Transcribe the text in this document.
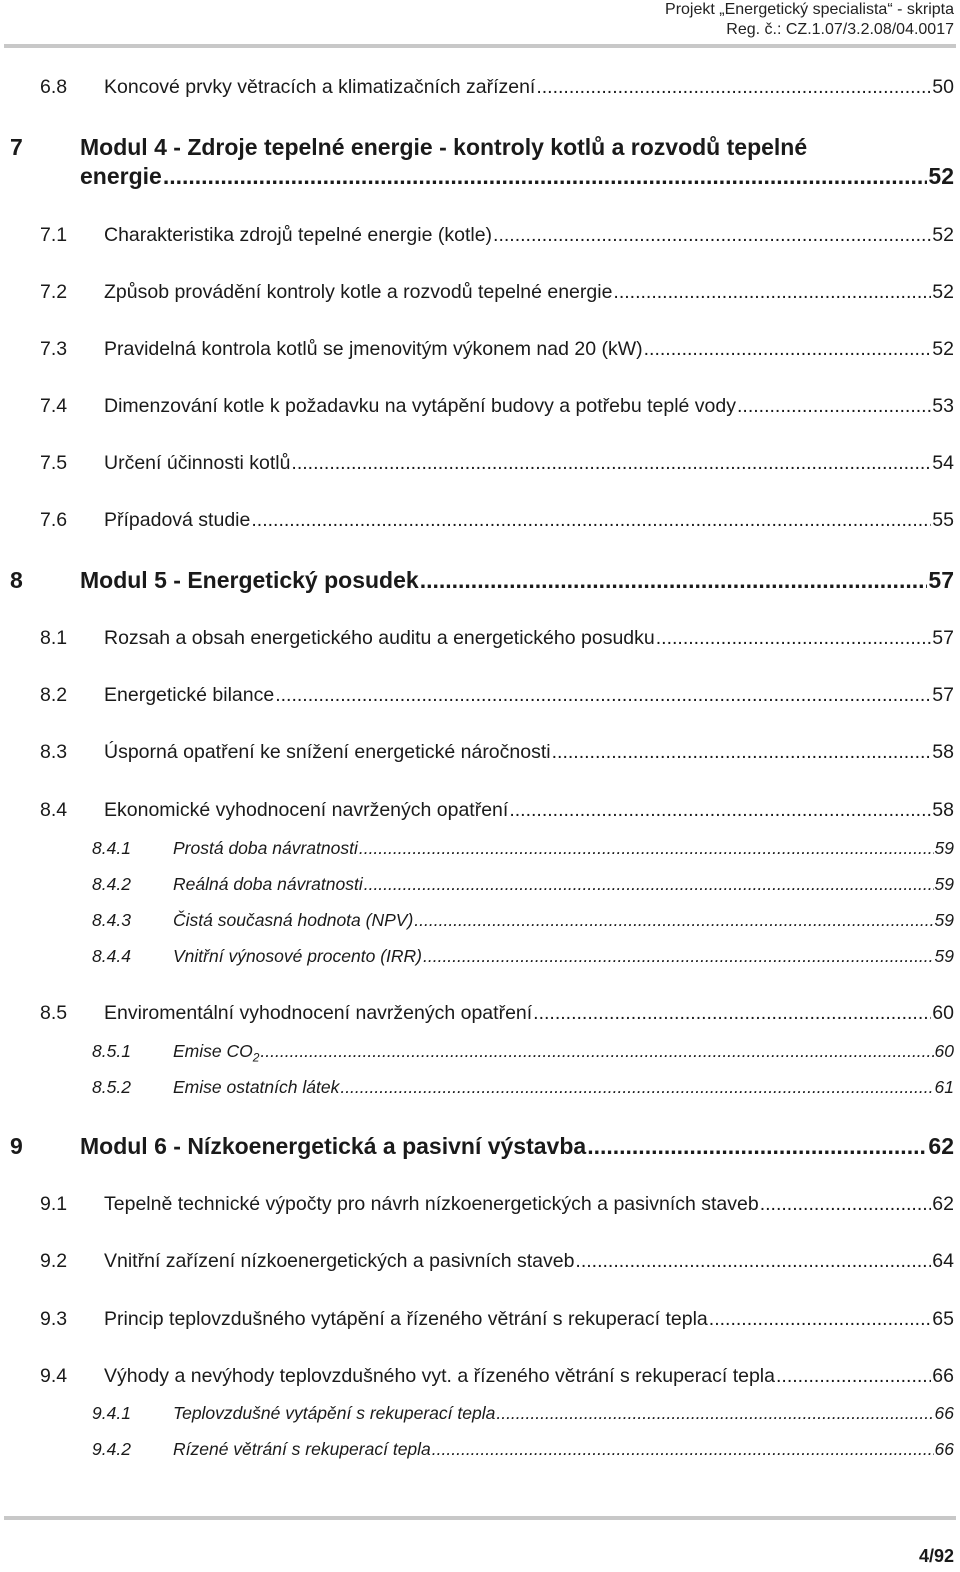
Projekt „Energetický specialista“ - skripta
Reg. č.: CZ.1.07/3.2.08/04.0017
6.8	Koncové prvky větracích a klimatizačních zařízení .....	50
7	Modul 4 - Zdroje tepelné energie - kontroly kotlů a rozvodů tepelné
energie .....	52
7.1	Charakteristika zdrojů tepelné energie (kotle) .....	52
7.2	Způsob provádění kontroly kotle a rozvodů tepelné energie .....	52
7.3	Pravidelná kontrola kotlů se jmenovitým výkonem nad 20 (kW) .....	52
7.4	Dimenzování kotle k požadavku na vytápění budovy a potřebu teplé vody .....	53
7.5	Určení účinnosti kotlů .....	54
7.6	Případová studie .....	55
8	Modul 5 - Energetický posudek .....	57
8.1	Rozsah a obsah energetického auditu a energetického posudku .....	57
8.2	Energetické bilance .....	57
8.3	Úsporná opatření ke snížení energetické náročnosti .....	58
8.4	Ekonomické vyhodnocení navržených opatření .....	58
8.4.1	Prostá doba návratnosti .....	59
8.4.2	Reálná doba návratnosti .....	59
8.4.3	Čistá současná hodnota (NPV) .....	59
8.4.4	Vnitřní výnosové procento (IRR) .....	59
8.5	Enviromentální vyhodnocení navržených opatření .....	60
8.5.1	Emise $CO_2$ .....	60
8.5.2	Emise ostatních látek .....	61
9	Modul 6 - Nízkoenergetická a pasivní výstavba .....	62
9.1	Tepelně technické výpočty pro návrh nízkoenergetických a pasivních staveb .....	62
9.2	Vnitřní zařízení nízkoenergetických a pasivních staveb .....	64
9.3	Princip teplovzdušného vytápění a řízeného větrání s rekuperací tepla .....	65
9.4	Výhody a nevýhody teplovzdušného vyt. a řízeného větrání s rekuperací tepla .....	66
9.4.1	Teplovzdušné vytápění s rekuperací tepla .....	66
9.4.2	Rízené větrání s rekuperací tepla .....	66
4/92
